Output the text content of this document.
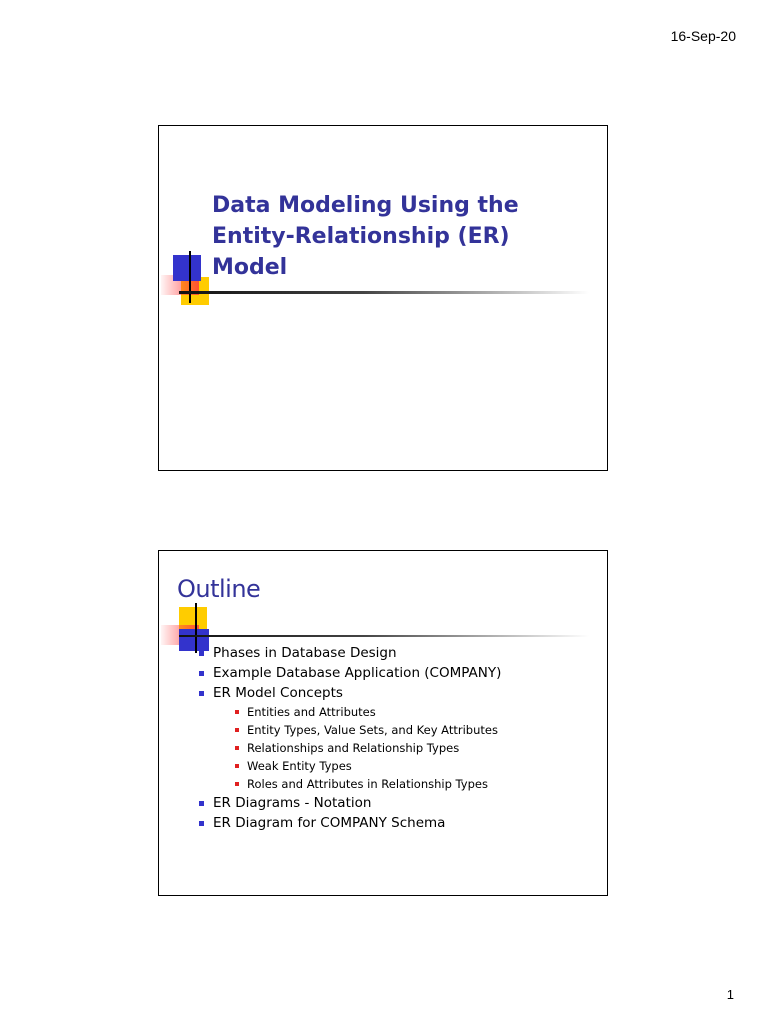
16-Sep-20
Data Modeling Using the
Entity-Relationship (ER)
Model
Outline
Phases in Database Design
Example Database Application (COMPANY)
ER Model Concepts
Entities and Attributes
Entity Types, Value Sets, and Key Attributes
Relationships and Relationship Types
Weak Entity Types
Roles and Attributes in Relationship Types
ER Diagrams - Notation
ER Diagram for COMPANY Schema
1
